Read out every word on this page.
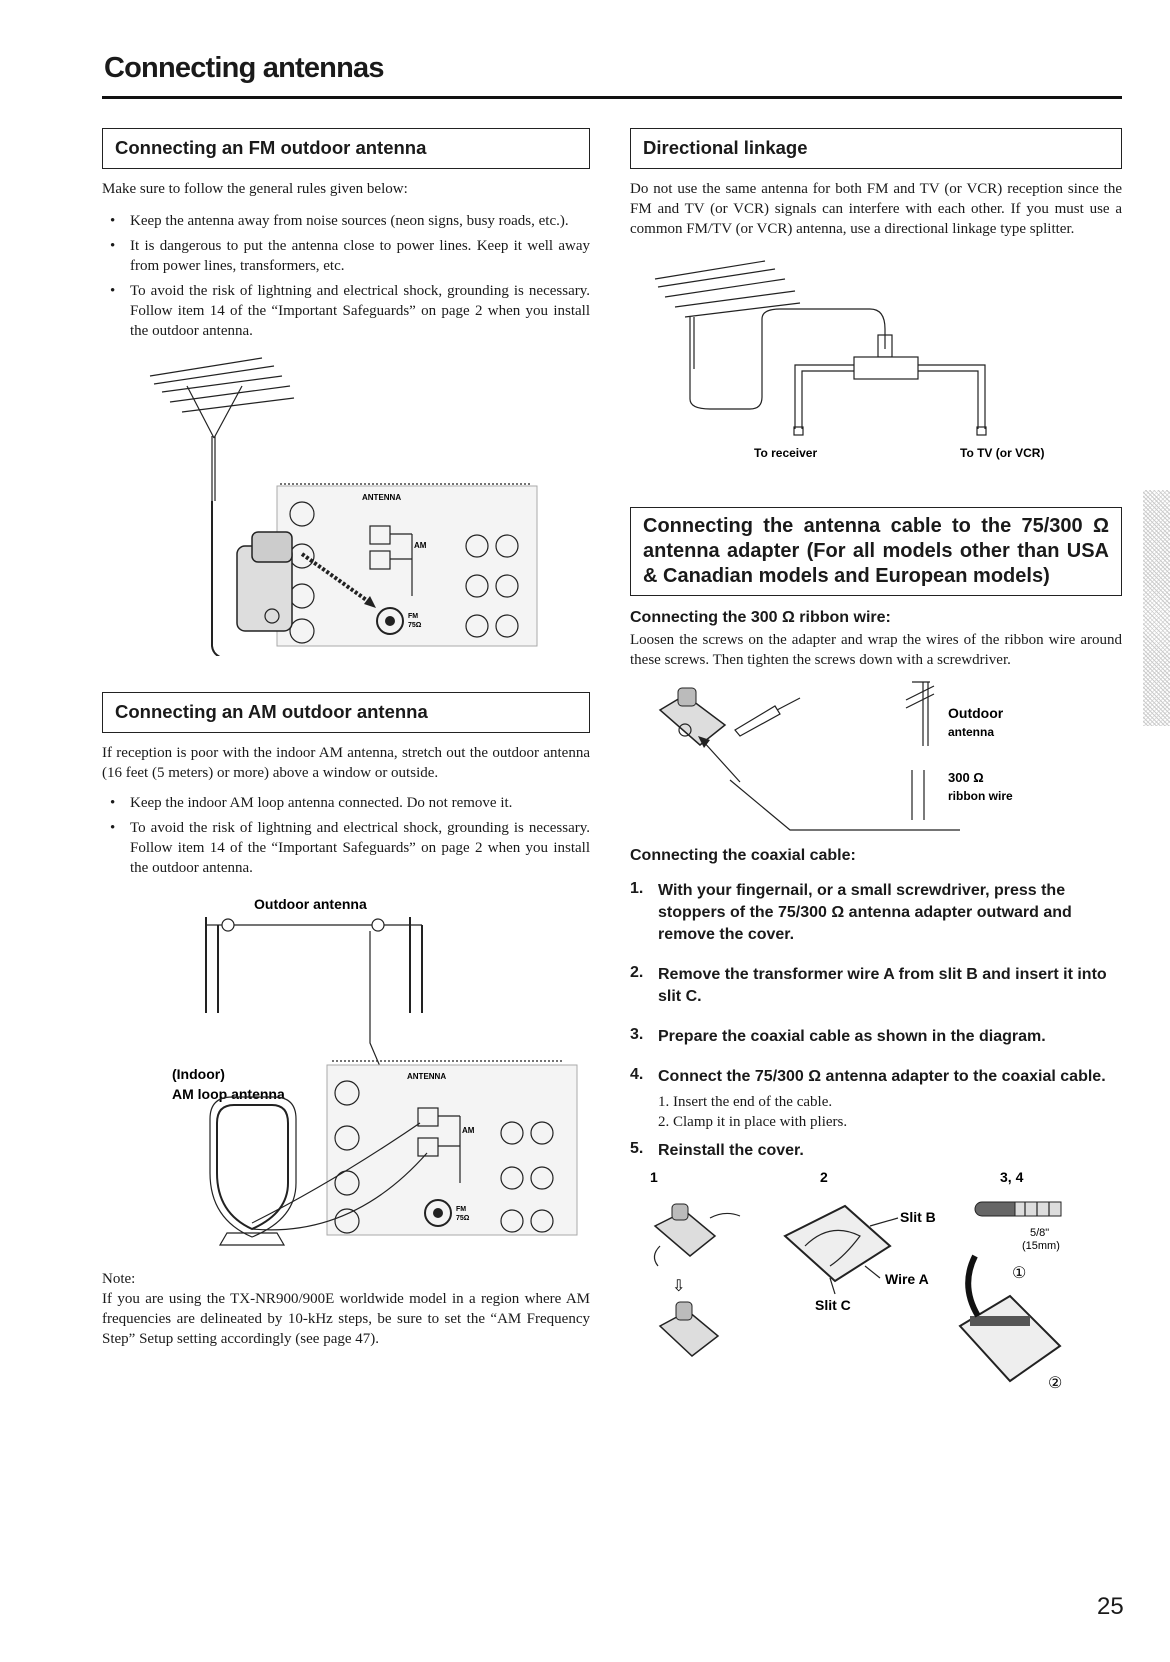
Connecting antennas
Connecting an FM outdoor antenna

Make sure to follow the general rules given below:

• Keep the antenna away from noise sources (neon signs, busy roads, etc.).
• It is dangerous to put the antenna close to power lines. Keep it well away from power lines, transformers, etc.
• To avoid the risk of lightning and electrical shock, grounding is necessary. Follow item 14 of the “Important Safeguards” on page 2 when you install the outdoor antenna.
ANTENNA
AM
FM
75Ω
Connecting an AM outdoor antenna

If reception is poor with the indoor AM antenna, stretch out the outdoor antenna (16 feet (5 meters) or more) above a window or outside.

• Keep the indoor AM loop antenna connected. Do not remove it.
• To avoid the risk of lightning and electrical shock, grounding is necessary. Follow item 14 of the “Important Safeguards” on page 2 when you install the outdoor antenna.
Outdoor antenna
(Indoor)
AM loop antenna
ANTENNA
AM
FM
75Ω

Note:

If you are using the TX-NR900/900E worldwide model in a region where AM frequencies are delineated by 10-kHz steps, be sure to set the “AM Frequency Step” Setup setting accordingly (see page 47).

Directional linkage

Do not use the same antenna for both FM and TV (or VCR) reception since the FM and TV (or VCR) signals can interfere with each other. If you must use a common FM/TV (or VCR) antenna, use a directional linkage type splitter.

To receiver	To TV (or VCR)
Connecting the antenna cable to the 75/300 Ω antenna adapter (For all models other than USA & Canadian models and European models)

Connecting the 300 Ω ribbon wire:

Loosen the screws on the adapter and wrap the wires of the ribbon wire around these screws. Then tighten the screws down with a screwdriver.

Outdoor
antenna
300 Ω
ribbon wire

Connecting the coaxial cable:

1. With your fingernail, or a small screwdriver, press the stoppers of the 75/300 Ω antenna adapter outward and remove the cover.
2. Remove the transformer wire A from slit B and insert it into slit C.
3. Prepare the coaxial cable as shown in the diagram.
4. Connect the 75/300 Ω antenna adapter to the coaxial cable.
1. Insert the end of the cable.
2. Clamp it in place with pliers.
5. Reinstall the cover.
1	2	3, 4
⇩
Slit B
Wire A
Slit C
5/8"
(15mm)
①
②
25
